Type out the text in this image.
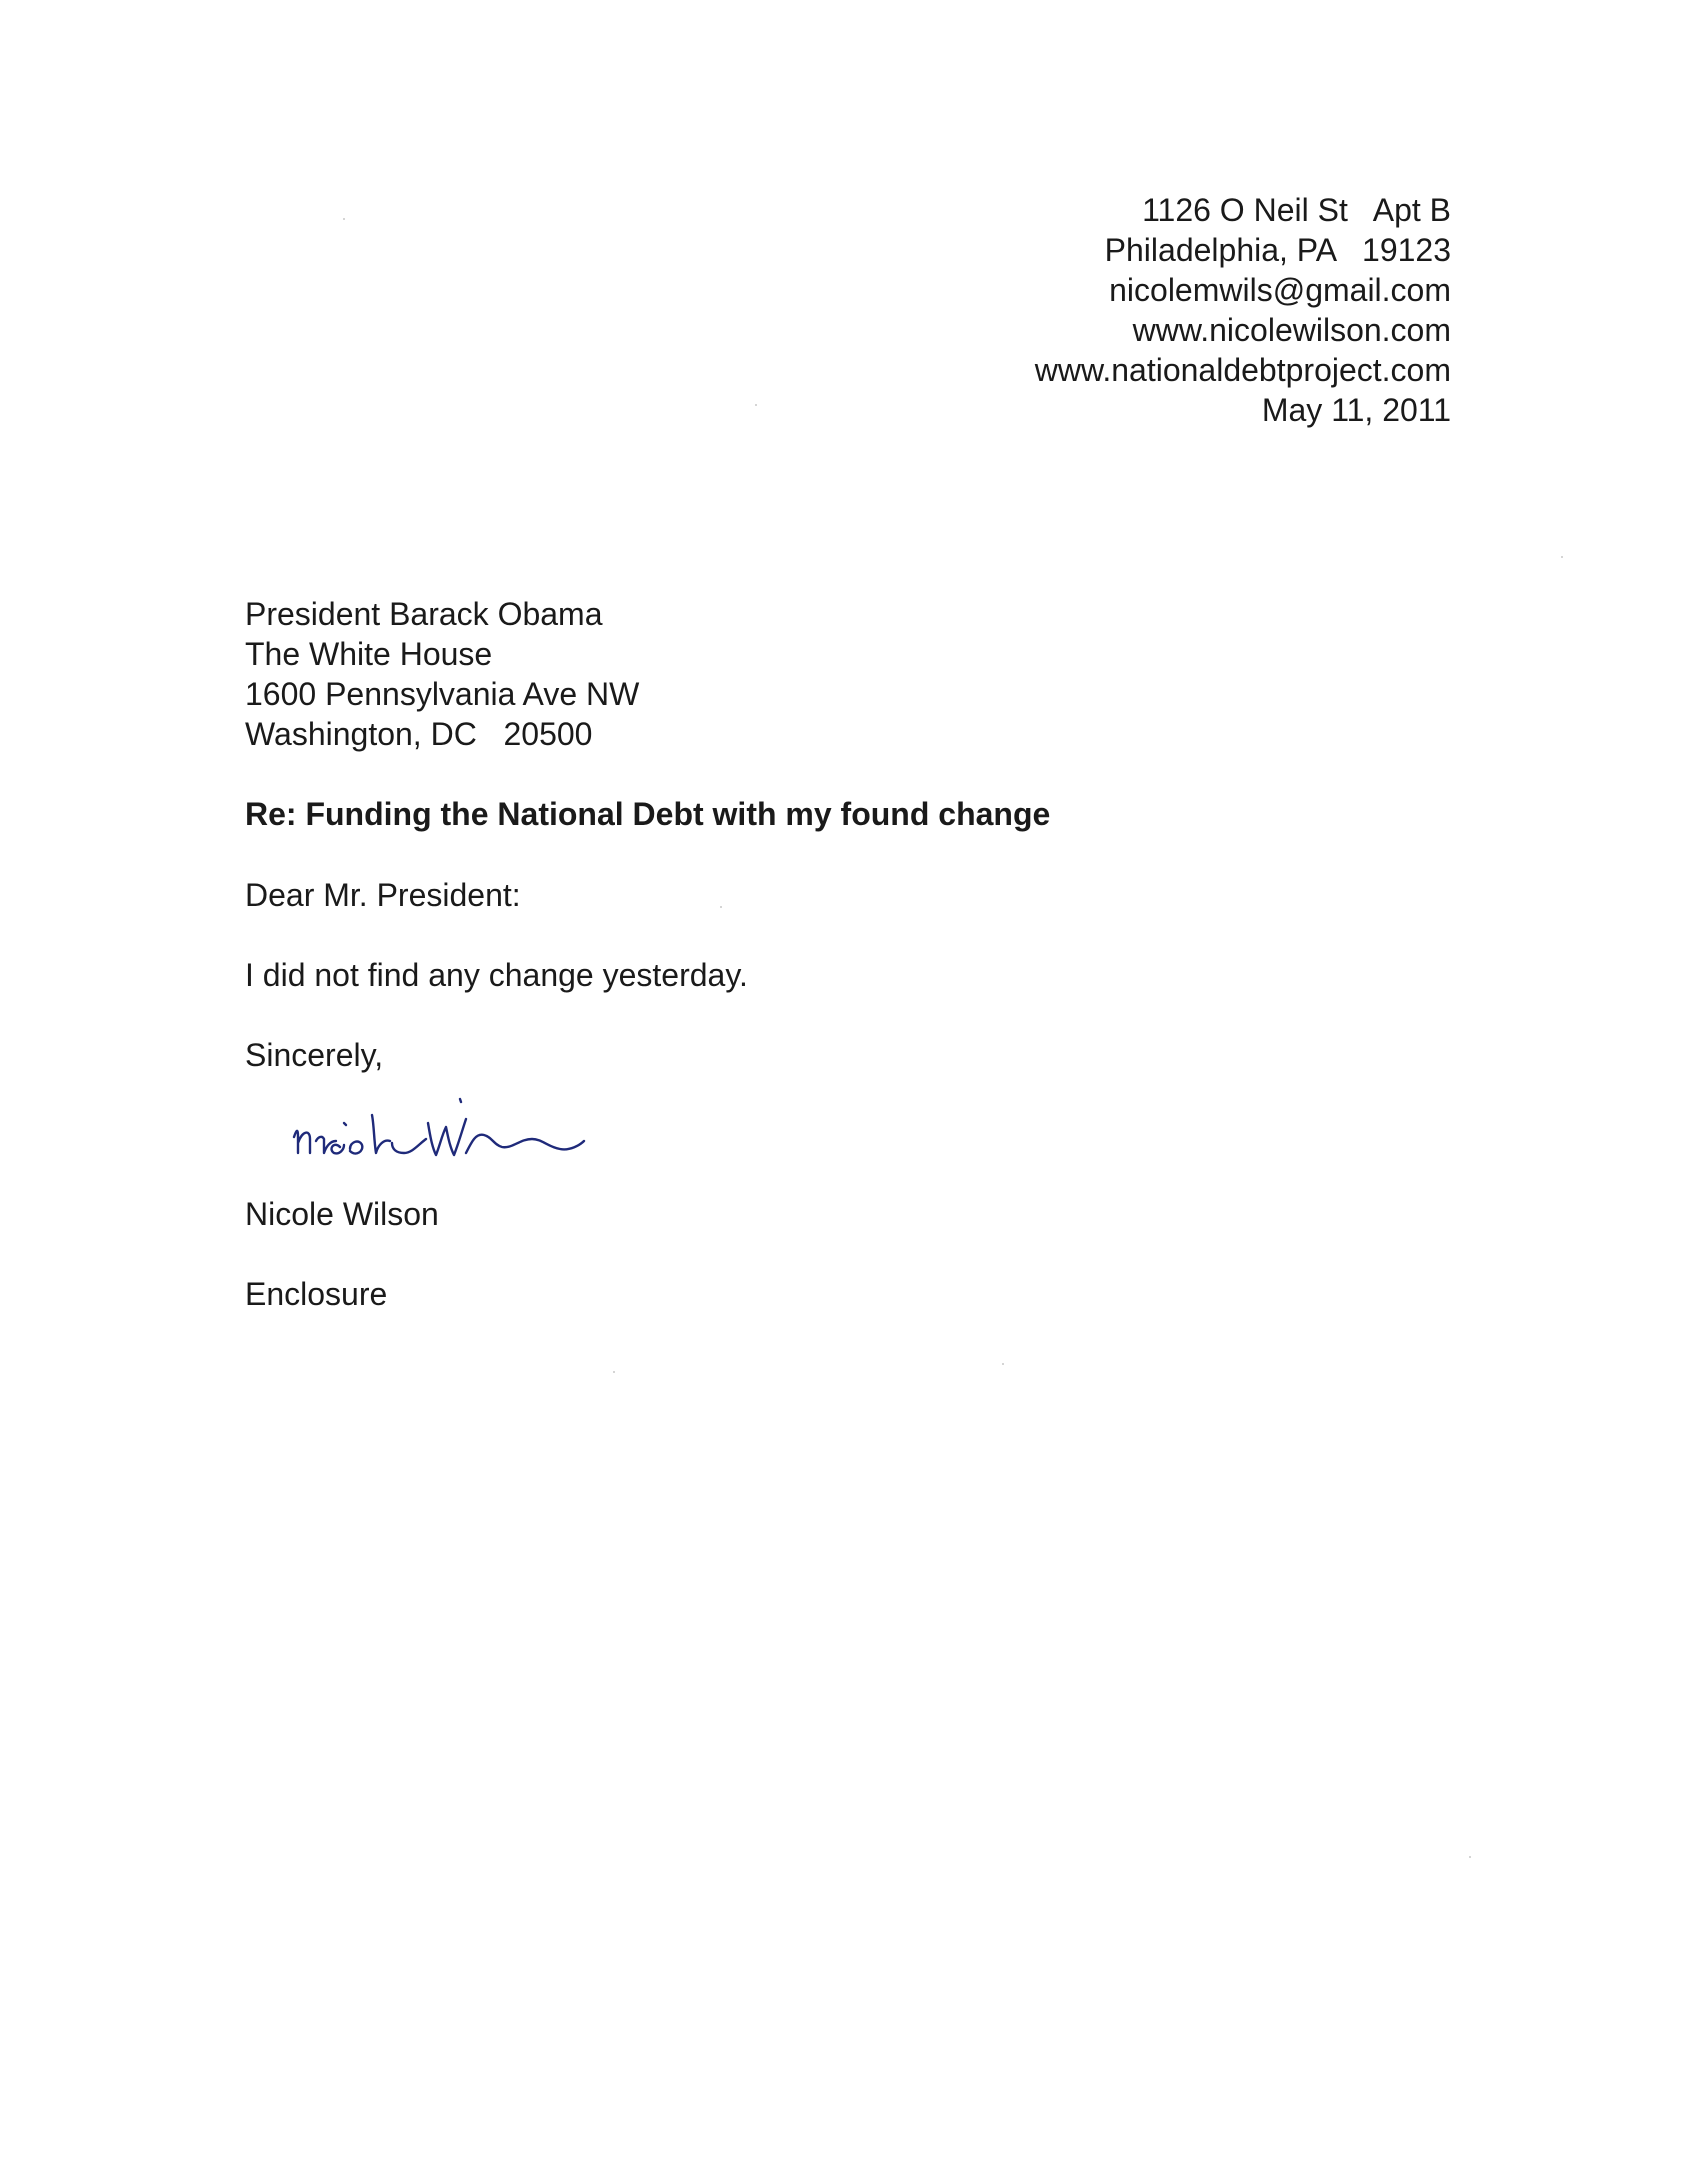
1126 O Neil St   Apt B
Philadelphia, PA   19123
nicolemwils@gmail.com
www.nicolewilson.com
www.nationaldebtproject.com
May 11, 2011
President Barack Obama
The White House
1600 Pennsylvania Ave NW
Washington, DC   20500
Re: Funding the National Debt with my found change
Dear Mr. President:
I did not find any change yesterday.
Sincerely,
Nicole Wilson
Enclosure
